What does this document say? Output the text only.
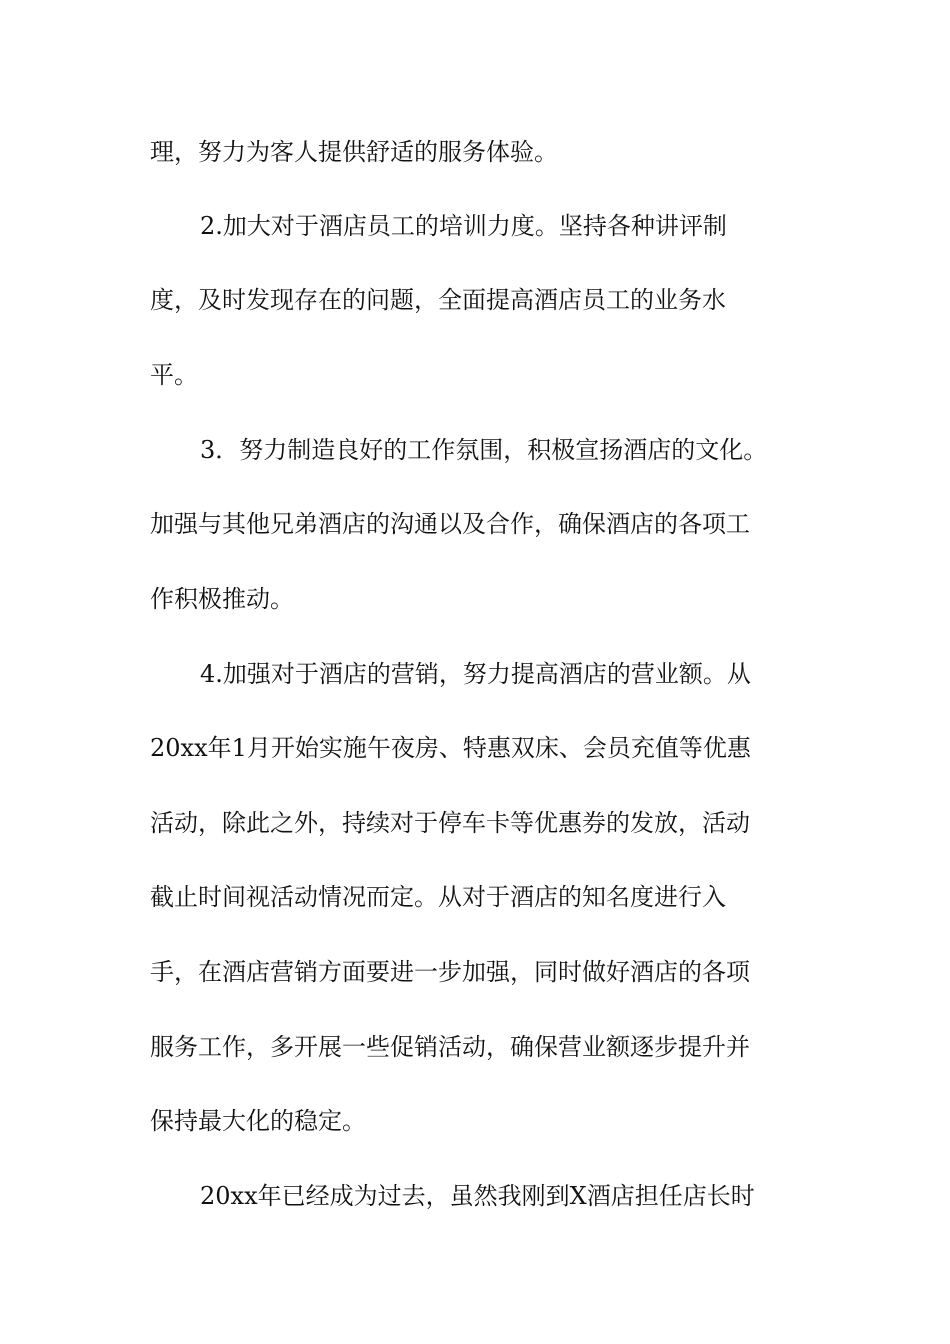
理，努力为客人提供舒适的服务体验。
2.加大对于酒店员工的培训力度。坚持各种讲评制
度，及时发现存在的问题，全面提高酒店员工的业务水
平。
3．努力制造良好的工作氛围，积极宣扬酒店的文化。
加强与其他兄弟酒店的沟通以及合作，确保酒店的各项工
作积极推动。
4.加强对于酒店的营销，努力提高酒店的营业额。从
20xx年1月开始实施午夜房、特惠双床、会员充值等优惠
活动，除此之外，持续对于停车卡等优惠券的发放，活动
截止时间视活动情况而定。从对于酒店的知名度进行入
手，在酒店营销方面要进一步加强，同时做好酒店的各项
服务工作，多开展一些促销活动，确保营业额逐步提升并
保持最大化的稳定。
20xx年已经成为过去，虽然我刚到X酒店担任店长时
